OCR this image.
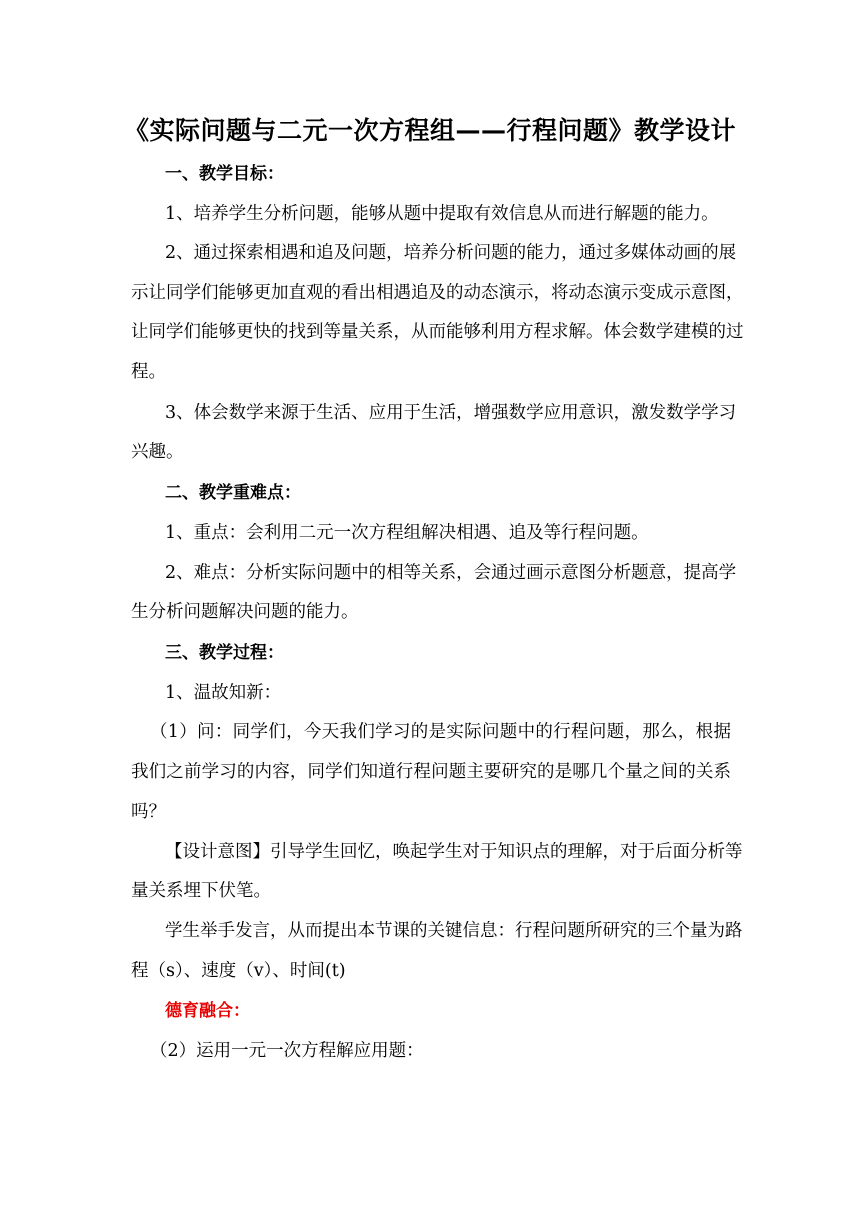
《实际问题与二元一次方程组——行程问题》教学设计
一、教学目标：
1、培养学生分析问题，能够从题中提取有效信息从而进行解题的能力。
2、通过探索相遇和追及问题，培养分析问题的能力，通过多媒体动画的展
示让同学们能够更加直观的看出相遇追及的动态演示，将动态演示变成示意图，
让同学们能够更快的找到等量关系，从而能够利用方程求解。体会数学建模的过
程。
3、体会数学来源于生活、应用于生活，增强数学应用意识，激发数学学习
兴趣。
二、教学重难点：
1、重点：会利用二元一次方程组解决相遇、追及等行程问题。
2、难点：分析实际问题中的相等关系，会通过画示意图分析题意，提高学
生分析问题解决问题的能力。
三、教学过程：
1、温故知新：
（1）问：同学们，今天我们学习的是实际问题中的行程问题，那么，根据
我们之前学习的内容，同学们知道行程问题主要研究的是哪几个量之间的关系
吗？
【设计意图】引导学生回忆，唤起学生对于知识点的理解，对于后面分析等
量关系埋下伏笔。
学生举手发言，从而提出本节课的关键信息：行程问题所研究的三个量为路
程（s）、速度（v）、时间(t)
德育融合：
（2）运用一元一次方程解应用题：
